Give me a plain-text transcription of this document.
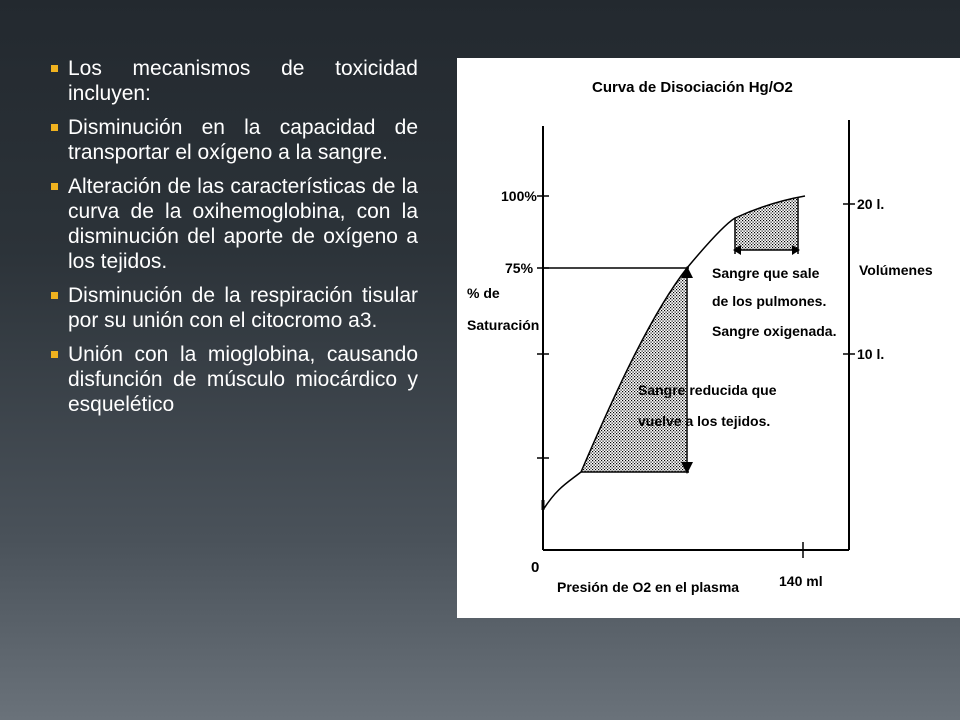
Los mecanismos de toxicidad incluyen:
Disminución en la capacidad de transportar el oxígeno a la sangre.
Alteración de las características de la curva de la oxihemoglobina, con la disminución del aporte de oxígeno a los tejidos.
Disminución de la respiración tisular por su unión con el citocromo a3.
Unión con la mioglobina, causando disfunción de músculo miocárdico y esquelético
Curva de Disociación Hg/O2
100%
75%
% de
Saturación
20 l.
Volúmenes
10 l.
Sangre que sale
de los pulmones.
Sangre oxigenada.
Sangre reducida que
vuelve a los tejidos.
0
Presión de O2 en el plasma	140 ml
